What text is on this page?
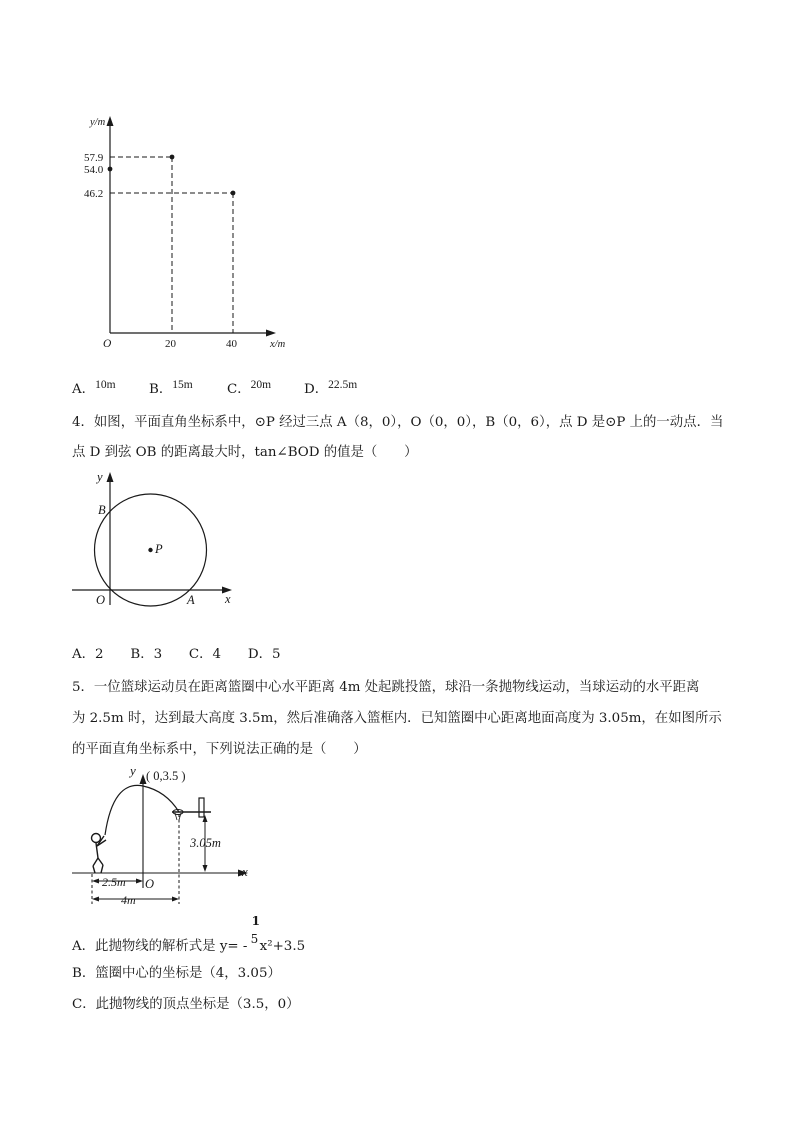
y/m
57.9
54.0
46.2
O	20	40	x/m
A．10m B．15m	C．20m D．22.5m
4．如图，平面直角坐标系中，⊙P 经过三点 A（8，0），O（0，0），B（0，6），点 D 是⊙P 上的一动点．当
点 D 到弦 OB 的距离最大时，tan∠BOD 的值是（　　）
y
B
P
O	A x
A．2　　B．3　　C．4　　D．5
5．一位篮球运动员在距离篮圈中心水平距离 4m 处起跳投篮，球沿一条抛物线运动，当球运动的水平距离
为 2.5m 时，达到最大高度 3.5m，然后准确落入篮框内．已知篮圈中心距离地面高度为 3.05m，在如图所示
的平面直角坐标系中，下列说法正确的是（　　）
y ( 0,3.5 )
3.05m
x
O
2.5m
4m
A．此抛物线的解析式是 y= -
1
5 x²+3.5
B．篮圈中心的坐标是（4，3.05）
C．此抛物线的顶点坐标是（3.5，0）
